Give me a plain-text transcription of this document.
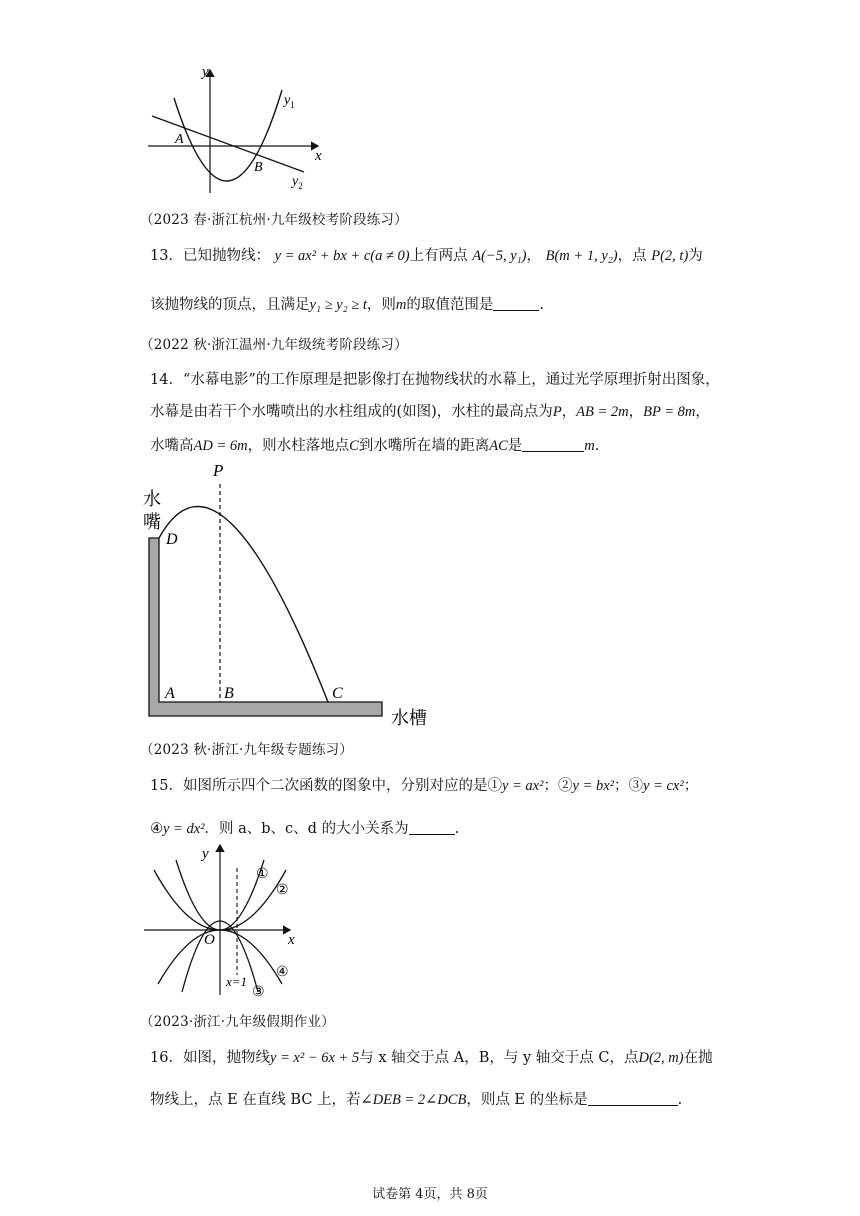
y
x
$y_1$
$y_2$
A
B
（2023 春·浙江杭州·九年级校考阶段练习）
13．已知抛物线： y = ax² + bx + c(a ≠ 0)上有两点 A(−5, y₁)， B(m + 1, y₂)，点 P(2, t)为
该抛物线的顶点，且满足y₁ ≥ y₂ ≥ t，则m的取值范围是	.
（2022 秋·浙江温州·九年级统考阶段练习）
14．“水幕电影”的工作原理是把影像打在抛物线状的水幕上，通过光学原理折射出图象，
水幕是由若干个水嘴喷出的水柱组成的(如图)，水柱的最高点为P，AB = 2m，BP = 8m，
水嘴高AD = 6m，则水柱落地点C到水嘴所在墙的距离AC是	m.
P
D
A	B	C
水
嘴
水槽
（2023 秋·浙江·九年级专题练习）
15．如图所示四个二次函数的图象中，分别对应的是①y = ax²；②y = bx²；③y = cx²；
④y = dx²．则 a、b、c、d 的大小关系为	.
y
x
O
x=1
①
②
③
④
（2023·浙江·九年级假期作业）
16．如图，抛物线y = x² − 6x + 5与 x 轴交于点 A，B，与 y 轴交于点 C，点D(2, m)在抛
物线上，点 E 在直线 BC 上，若∠DEB = 2∠DCB，则点 E 的坐标是	.
试卷第 4页，共 8页
